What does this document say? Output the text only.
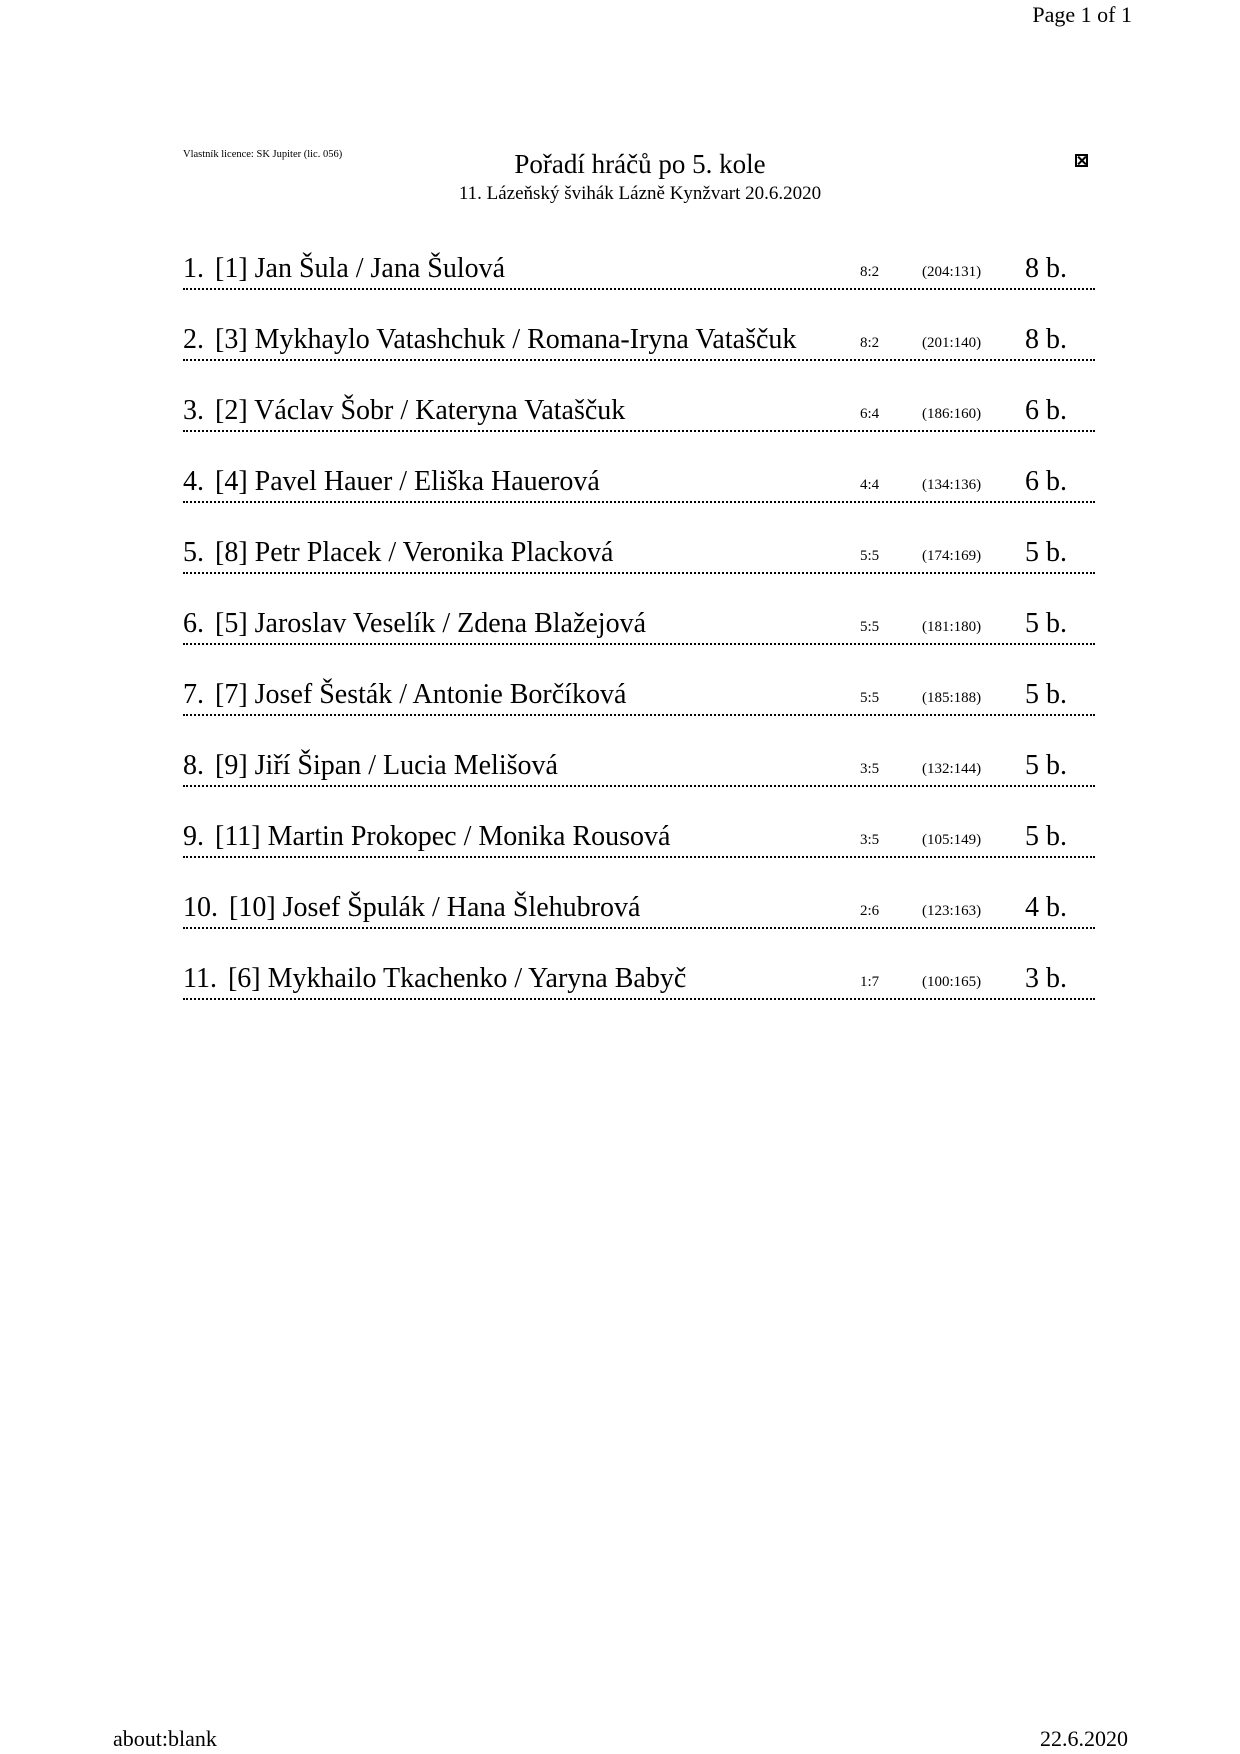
Page 1 of 1
Vlastník licence: SK Jupiter (lic. 056)	Pořadí hráčů po 5. kole
11. Lázeňský švihák Lázně Kynžvart 20.6.2020
1. [1] Jan Šula / Jana Šulová	8:2	(204:131) 8 b.
2. [3] Mykhaylo Vatashchuk / Romana-Iryna Vataščuk	8:2	(201:140) 8 b.
3. [2] Václav Šobr / Kateryna Vataščuk	6:4	(186:160) 6 b.
4. [4] Pavel Hauer / Eliška Hauerová	4:4	(134:136) 6 b.
5. [8] Petr Placek / Veronika Placková	5:5	(174:169) 5 b.
6. [5] Jaroslav Veselík / Zdena Blažejová	5:5	(181:180) 5 b.
7. [7] Josef Šesták / Antonie Borčíková	5:5	(185:188) 5 b.
8. [9] Jiří Šipan / Lucia Melišová	3:5	(132:144) 5 b.
9. [11] Martin Prokopec / Monika Rousová	3:5	(105:149) 5 b.
10. [10] Josef Špulák / Hana Šlehubrová	2:6	(123:163) 4 b.
11. [6] Mykhailo Tkachenko / Yaryna Babyč	1:7	(100:165) 3 b.
about:blank	22.6.2020
